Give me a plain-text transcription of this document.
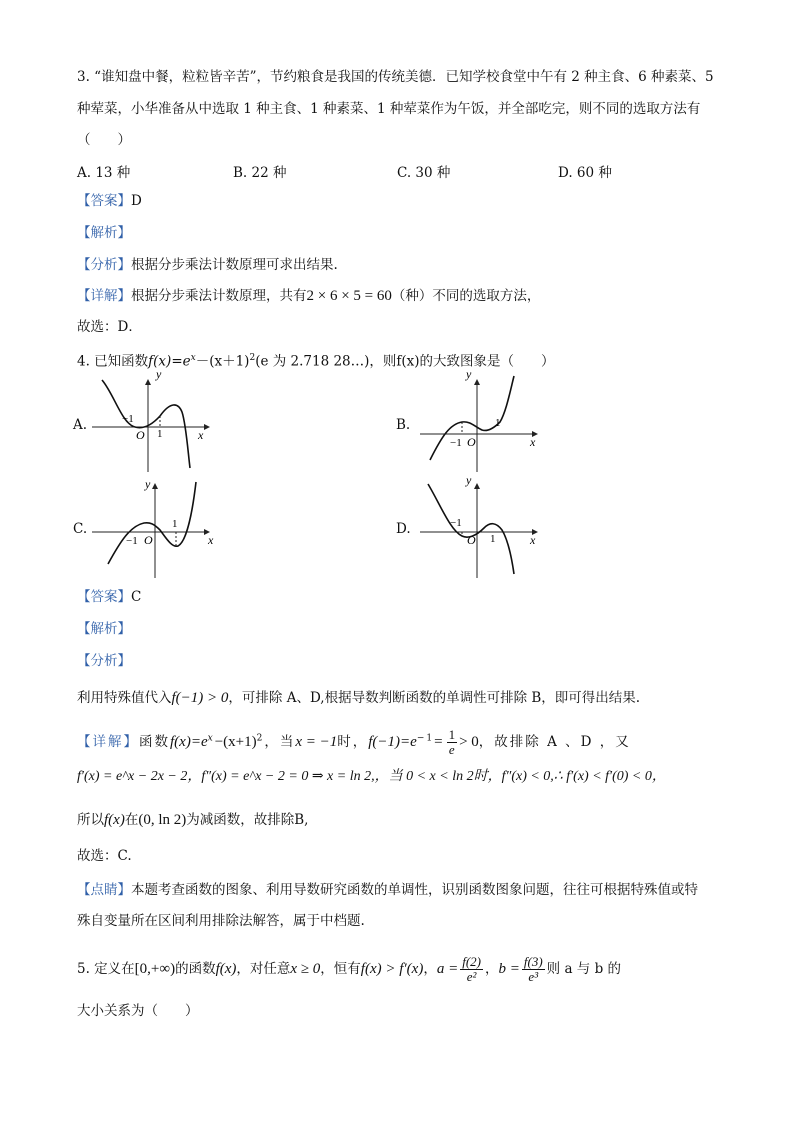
3. “谁知盘中餐，粒粒皆辛苦”，节约粮食是我国的传统美德．已知学校食堂中午有 2 种主食、6 种素菜、5
种荤菜，小华准备从中选取 1 种主食、1 种素菜、1 种荤菜作为午饭，并全部吃完，则不同的选取方法有
（　　）
A. 13 种	B. 22 种	C. 30 种	D. 60 种
【答案】D
【解析】
【分析】根据分步乘法计数原理可求出结果.
【详解】根据分步乘法计数原理，共有2 × 6 × 5 = 60（种）不同的选取方法，
故选：D．
4. 已知函数$f(x)=e^x-(x+1)^2(e$ 为 2.718 28…)，则f(x)的大致图象是（　　）
A.	B.
C.	D.
y
x
O
−1
1
y
x
O
−1
1
y
x
O
−1
1
y
x
O
−1
1
【答案】C
【解析】
【分析】
利用特殊值代入f(−1) > 0，可排除 A、D,根据导数判断函数的单调性可排除 B，即可得出结果.
【详解】函数$f(x)=e^x-(x+1)^2$，当x = −1时，$f(-1)=e^{-1}= \frac{1}{e} > 0$，故排除 A 、D ，又
f′(x) = e^x − 2x − 2，f″(x) = e^x − 2 = 0 ⇒ x = ln 2,，当 0 < x < ln 2时，f″(x) < 0,∴ f′(x) < f′(0) < 0，
所以f(x)在(0, ln 2)为减函数，故排除B,
故选：C.
【点睛】本题考查函数的图象、利用导数研究函数的单调性，识别函数图象问题，往往可根据特殊值或特
殊自变量所在区间利用排除法解答，属于中档题.
5. 定义在[0,+∞)的函数f(x)，对任意x ≥ 0，恒有f(x) > f′(x)，$a = \frac{f(2)}{\text{e²}}$ ，$b = \frac{f(3)}{\text{e³}}$ 则 a 与 b 的
大小关系为（　　）
